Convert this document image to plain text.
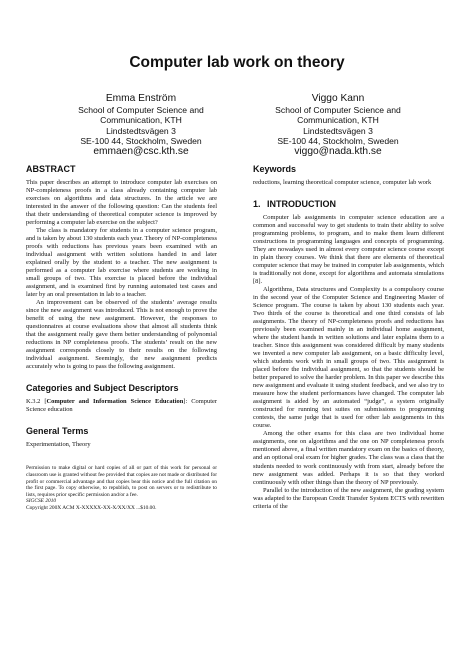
Computer lab work on theory
Emma Enström
School of Computer Science and
Communication, KTH
Lindstedtsvägen 3
SE-100 44, Stockholm, Sweden
emmaen@csc.kth.se
Viggo Kann
School of Computer Science and
Communication, KTH
Lindstedtsvägen 3
SE-100 44, Stockholm, Sweden
viggo@nada.kth.se
ABSTRACT

This paper describes an attempt to introduce computer lab exercises on NP-completeness proofs in a class already containing computer lab exercises on algorithms and data structures. In the article we are interested in the answer of the following question: Can the students feel that their understanding of theoretical computer science is improved by performing a computer lab exercise on the subject?

The class is mandatory for students in a computer science program, and is taken by about 130 students each year. Theory of NP-completeness proofs with reductions has previous years been examined with an individual assignment with written solutions handed in and later explained orally by the student to a teacher. The new assignment is performed as a computer lab exercise where students are working in small groups of two. This exercise is placed before the individual assignment, and is examined first by running automated test cases and later by an oral presentation in lab to a teacher.

An improvement can be observed of the students’ average results since the new assignment was introduced. This is not enough to prove the benefit of using the new assignment. However, the responses to questionnaires at course evaluations show that almost all students think that the assignment really gave them better understanding of polynomial reductions in NP completeness proofs. The students’ result on the new assignment corresponds closely to their results on the following individual assignment. Seemingly, the new assignment predicts accurately who is going to pass the following assignment.

Categories and Subject Descriptors

K.3.2 [Computer and Information Science Education]: Computer Science education

General Terms

Experimentation, Theory

Permission to make digital or hard copies of all or part of this work for personal or classroom use is granted without fee provided that copies are not made or distributed for profit or commercial advantage and that copies bear this notice and the full citation on the first page. To copy otherwise, to republish, to post on servers or to redistribute to lists, requires prior specific permission and/or a fee.

SIGCSE 2010

Copyright 200X ACM X-XXXXX-XX-X/XX/XX ...$10.00.

Keywords

reductions, learning theoretical computer science, computer lab work

1. INTRODUCTION

Computer lab assignments in computer science education are a common and successful way to get students to train their ability to solve programming problems, to program, and to make them learn different constructions in programming languages and concepts of programming. They are nowadays used in almost every computer science course except in plain theory courses. We think that there are elements of theoretical computer science that may be trained in computer lab assignments, which is traditionally not done, except for algorithms and automata simulations [8].

Algorithms, Data structures and Complexity is a compulsory course in the second year of the Computer Science and Engineering Master of Science program. The course is taken by about 130 students each year. Two thirds of the course is theoretical and one third consists of lab assignments. The theory of NP-completeness proofs and reductions has previously been examined mainly in an individual home assignment, where the student hands in written solutions and later explains them to a teacher. Since this assignment was considered difficult by many students we invented a new computer lab assignment, on a basic difficulty level, which students work with in small groups of two. This assignment is placed before the individual assignment, so that the students should be better prepared to solve the harder problem. In this paper we describe this new assignment and evaluate it using student feedback, and we also try to measure how the student performances have changed. The computer lab assignment is aided by an automated “judge”, a system originally constructed for running test suites on submissions to programming contests, the same judge that is used for other lab assignments in this course.

Among the other exams for this class are two individual home assignments, one on algorithms and the one on NP completeness proofs mentioned above, a final written mandatory exam on the basics of theory, and an optional oral exam for higher grades. The class was a class that the students needed to work continuously with from start, already before the new assignment was added. Perhaps it is so that they worked continuously with other things than the theory of NP previously.

Parallel to the introduction of the new assignment, the grading system was adapted to the European Credit Transfer System ECTS with rewritten criteria of the
